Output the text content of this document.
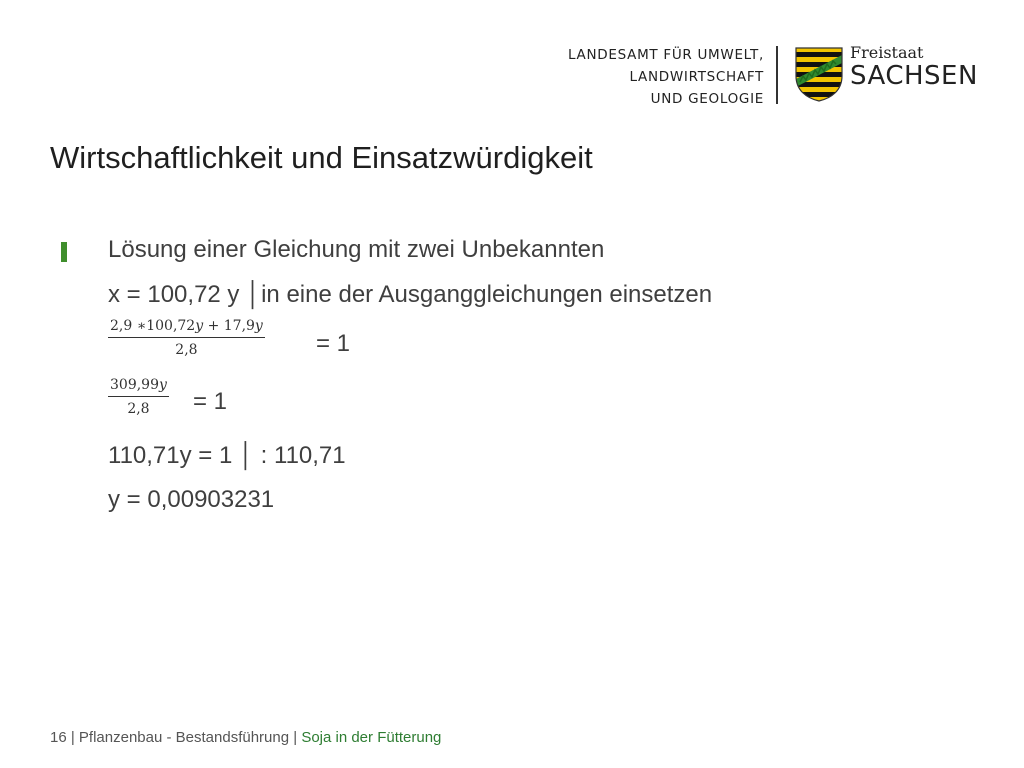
LANDESAMT FÜR UMWELT,
LANDWIRTSCHAFT
UND GEOLOGIE
Freistaat
SACHSEN
Wirtschaftlichkeit und Einsatzwürdigkeit
Lösung einer Gleichung mit zwei Unbekannten
x = 100,72 y │in eine der Ausganggleichungen einsetzen
2,9 ∗100,72𝑦 + 17,9𝑦
2,8	= 1
309,99𝑦
2,8 = 1
110,71y = 1 │ : 110,71
y = 0,00903231
16 | Pflanzenbau - Bestandsführung | Soja in der Fütterung
